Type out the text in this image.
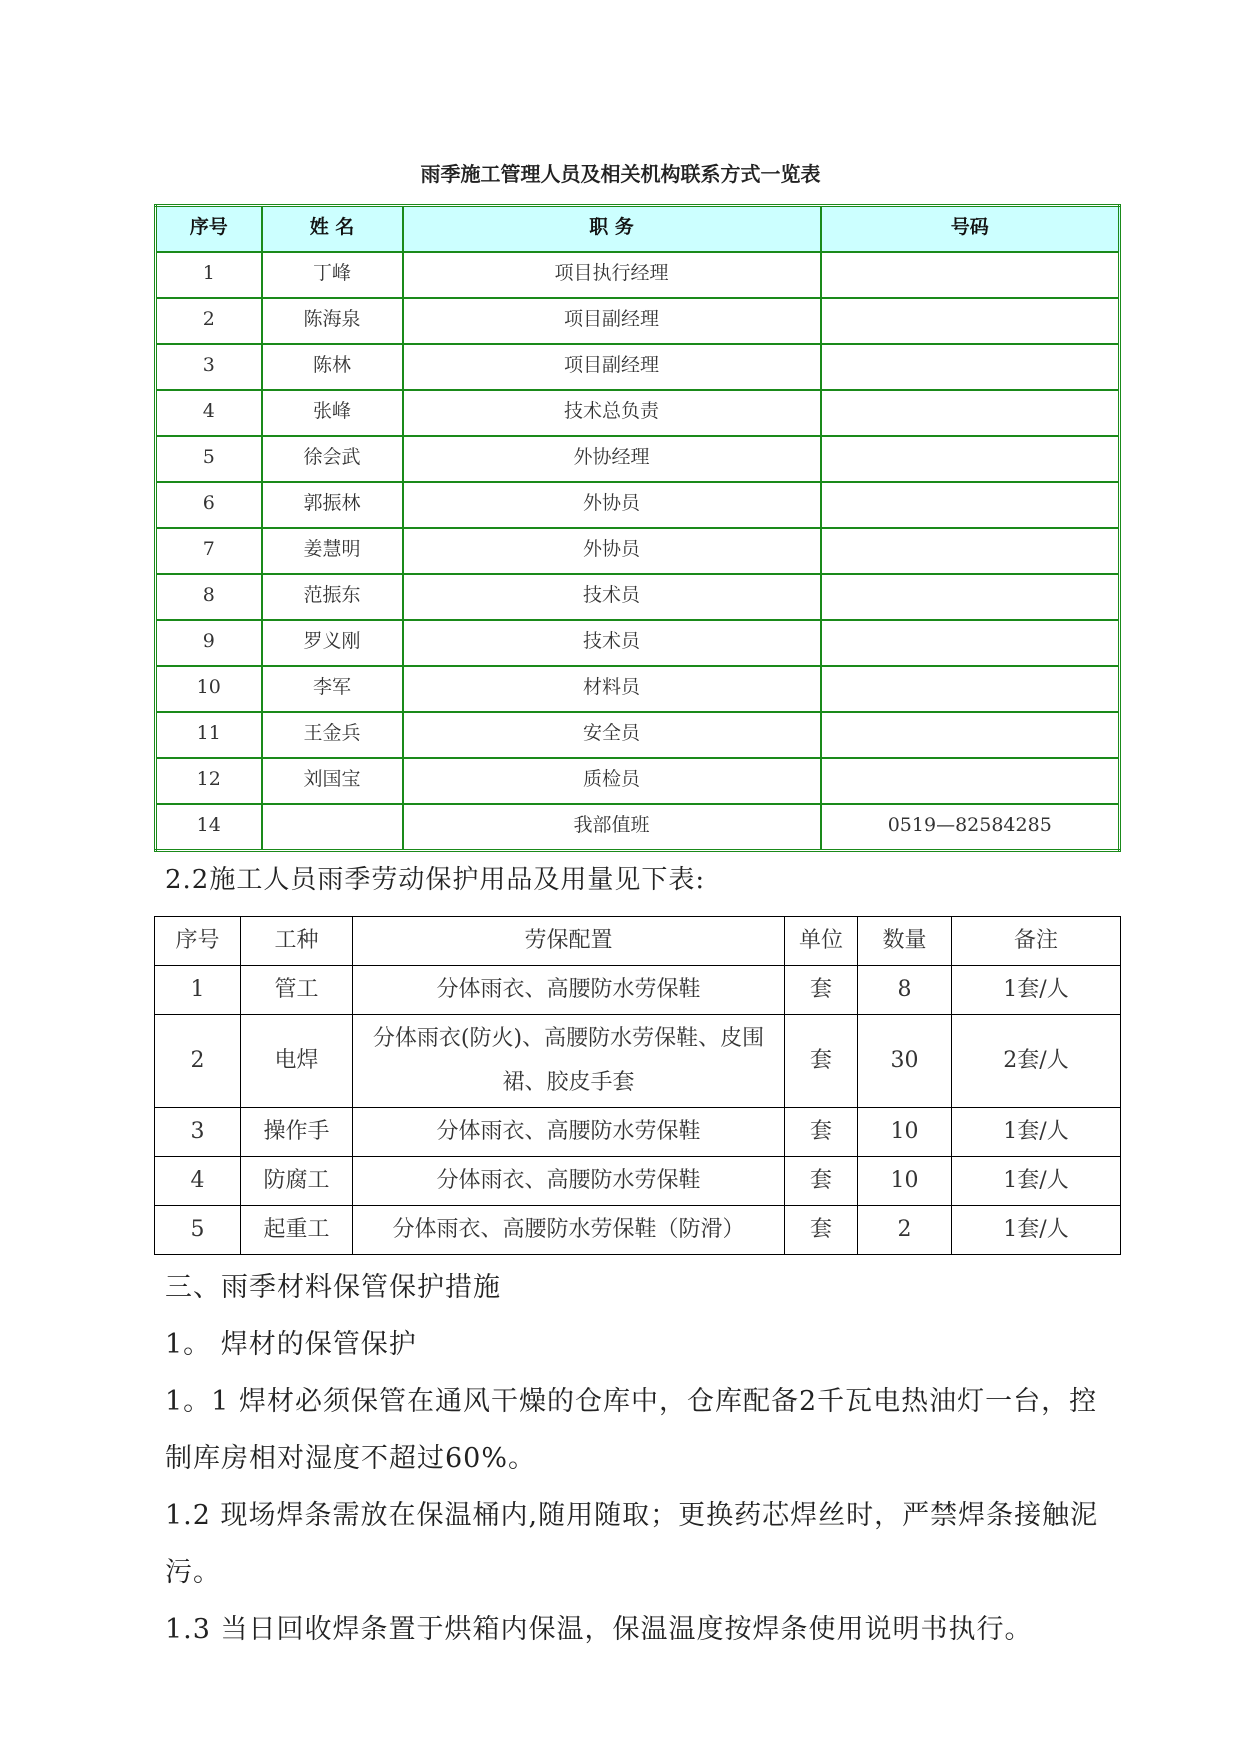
雨季施工管理人员及相关机构联系方式一览表
序号	姓 名	职 务	号码
1	丁峰	项目执行经理	
2	陈海泉	项目副经理	
3	陈林	项目副经理	
4	张峰	技术总负责	
5	徐会武	外协经理	
6	郭振林	外协员	
7	姜慧明	外协员	
8	范振东	技术员	
9	罗义刚	技术员	
10	李军	材料员	
11	王金兵	安全员	
12	刘国宝	质检员	
14		我部值班	0519—82584285
2.2施工人员雨季劳动保护用品及用量见下表:
序号	工种	劳保配置	单位	数量	备注
1	管工	分体雨衣、高腰防水劳保鞋	套	8	1套/人
2	电焊	分体雨衣(防火)、高腰防水劳保鞋、皮围裙、胶皮手套	套	30	2套/人
3	操作手	分体雨衣、高腰防水劳保鞋	套	10	1套/人
4	防腐工	分体雨衣、高腰防水劳保鞋	套	10	1套/人
5	起重工	分体雨衣、高腰防水劳保鞋（防滑）	套	2	1套/人
三、雨季材料保管保护措施
1。 焊材的保管保护
1。1 焊材必须保管在通风干燥的仓库中，仓库配备2千瓦电热油灯一台，控制库房相对湿度不超过60%。
1.2 现场焊条需放在保温桶内,随用随取；更换药芯焊丝时，严禁焊条接触泥污。
1.3 当日回收焊条置于烘箱内保温，保温温度按焊条使用说明书执行。
